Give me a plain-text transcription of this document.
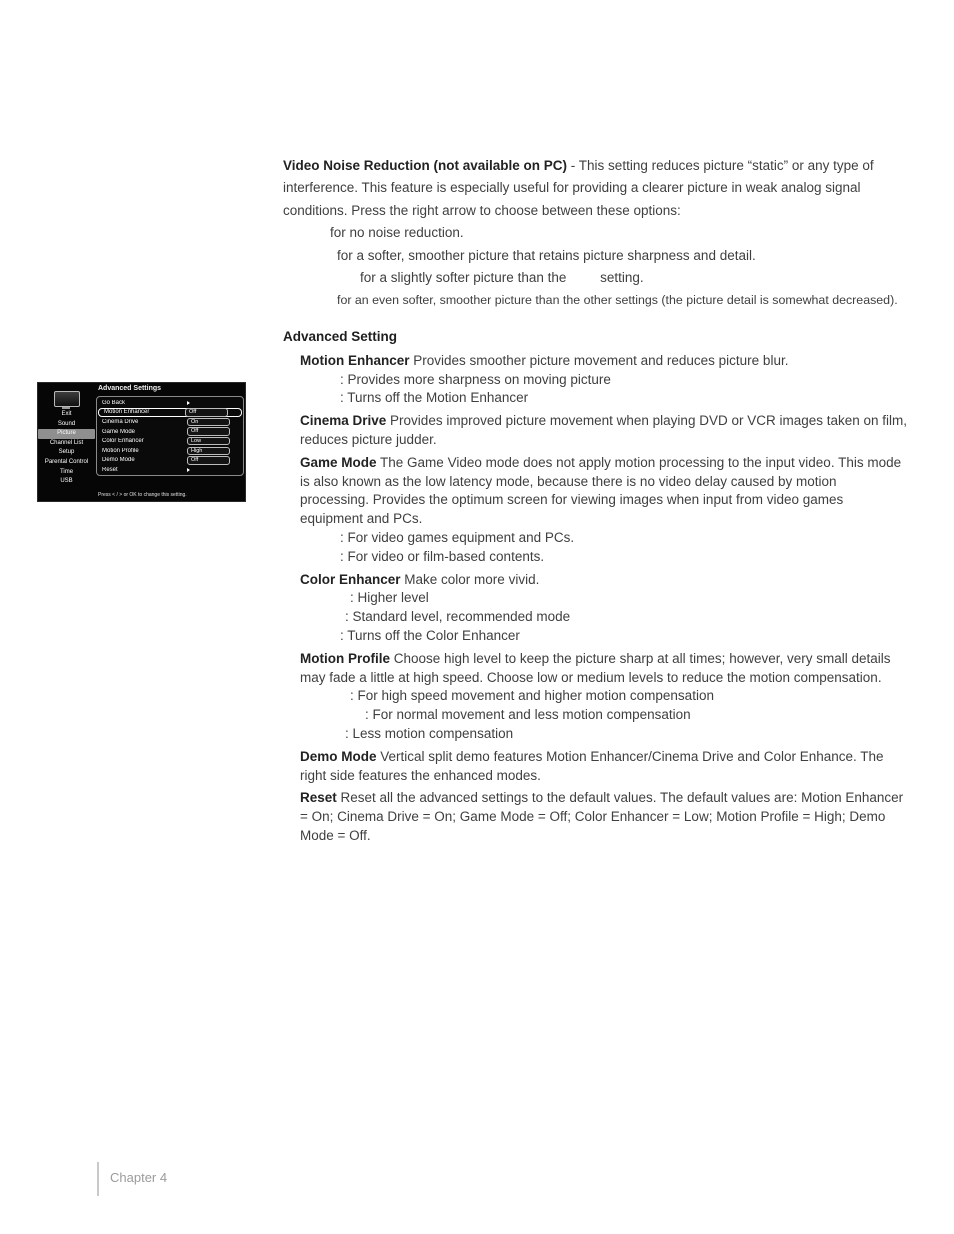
Advanced Settings
Exit
Sound
Picture
Channel List
Setup
Parental Control
Time
USB
Go Back
Motion Enhancer	Off
Cinema Drive	On
Game Mode	Off
Color Enhancer	Low
Motion Profile	High
Demo Mode	Off
Reset
Press < / > or OK to change this setting.

Video Noise Reduction (not available on PC) - This setting reduces picture “static” or any type of interference. This feature is especially useful for providing a clearer picture in weak analog signal conditions. Press the right arrow to choose between these options:

for no noise reduction.
for a softer, smoother picture that retains picture sharpness and detail.
for a slightly softer picture than the         setting.
for an even softer, smoother picture than the other settings (the picture detail is somewhat decreased).

Advanced Setting

Motion Enhancer Provides smoother picture movement and reduces picture blur.

: Provides more sharpness on moving picture
: Turns off the Motion Enhancer

Cinema Drive Provides improved picture movement when playing DVD or VCR images taken on film, reduces picture judder.

Game Mode The Game Video mode does not apply motion processing to the input video. This mode is also known as the low latency mode, because there is no video delay caused by motion processing. Provides the optimum screen for viewing images when input from video games equipment and PCs.

: For video games equipment and PCs.
: For video or film-based contents.

Color Enhancer Make color more vivid.

: Higher level
: Standard level, recommended mode
: Turns off the Color Enhancer

Motion Profile Choose high level to keep the picture sharp at all times; however, very small details may fade a little at high speed. Choose low or medium levels to reduce the motion compensation.

: For high speed movement and higher motion compensation
: For normal movement and less motion compensation
: Less motion compensation

Demo Mode Vertical split demo features Motion Enhancer/Cinema Drive and Color Enhance. The right side features the enhanced modes.

Reset Reset all the advanced settings to the default values. The default values are: Motion Enhancer = On; Cinema Drive = On; Game Mode = Off; Color Enhancer = Low; Motion Profile = High; Demo Mode = Off.

Chapter 4
